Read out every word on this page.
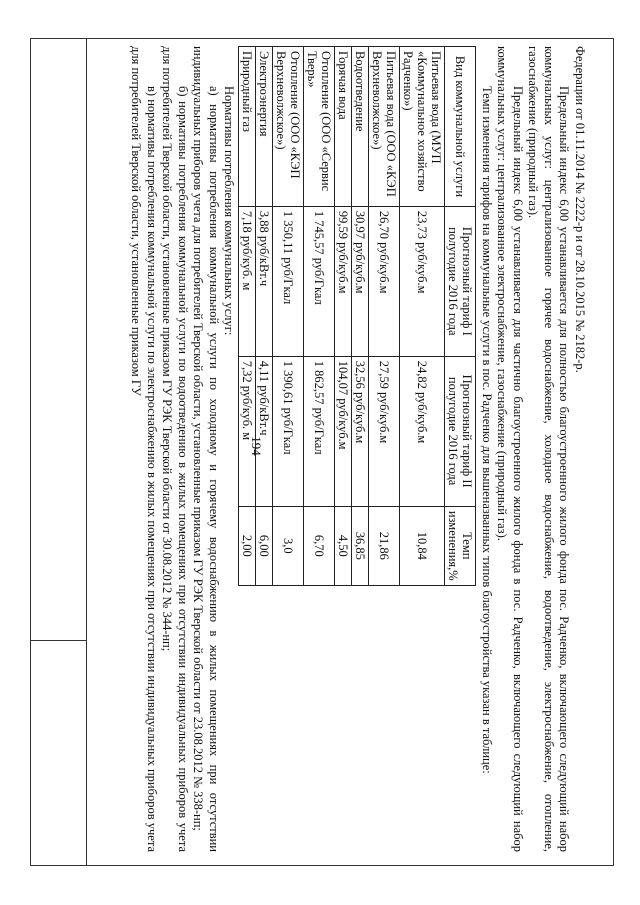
194

Федерации от 01.11.2014 № 2222-р и от 28.10.2015 № 2182-р.

Предельный индекс 6,00 устанавливается для полностью благоустроенного жилого фонда пос. Радченко, включающего следующий набор коммунальных услуг: централизованное горячее водоснабжение, холодное водоснабжение, водоотведение, электроснабжение, отопление, газоснабжение (природный газ).

Предельный индекс 6,00 устанавливается для частично благоустроенного жилого фонда в пос. Радченко, включающего следующий набор коммунальных услуг: централизованное электроснабжение, газоснабжение (природный газ).

Темп изменения тарифов на коммунальные услуги в пос. Радченко для вышеназванных типов благоустройства указан в таблице:

Вид коммунальной услуги	Прогнозный тариф I полугодие 2016 года	Прогнозный тариф II полугодие 2016 года	Темп изменения,%
Питьевая вода (МУП «Коммунальное хозяйство Радченко»)	23,73 руб/куб.м	24,82 руб/куб.м	10,84
Питьевая вода (ООО «КЭП Верхневолжское»)	26,70 руб/куб.м	27,59 руб/куб.м	21,86
Водоотведение	30,97 руб/куб.м	32,56 руб/куб.м	36,85
Горячая вода	99,59 руб/куб.м	104,07 руб/куб.м	4,50
Отопление (ООО «Сервис Тверь»	1 745,57 руб/Гкал	1 862,57 руб/Гкал	6,70
Отопление (ООО «КЭП Верхневолжское»)	1 350,11 руб/Гкал	1 390,61 руб/Гкал	3,0
Электроэнергия	3,88 руб/кВт.ч	4,11 руб/кВт.ч	6,00
Природный газ	7,18 руб/куб. м	7,32 руб/куб. м	2,00

Нормативы потребления коммунальных услуг:

а) нормативы потребления коммунальной услуги по холодному и горячему водоснабжению в жилых помещениях при отсутствии индивидуальных приборов учета для потребителей Тверской области, установленные приказом ГУ РЭК Тверской области от 23.08.2012 № 338-нп;

б) нормативы потребления коммунальной услуги по водоотведению в жилых помещениях при отсутствии индивидуальных приборов учета для потребителей Тверской области, установленные приказом ГУ РЭК Тверской области от 30.08.2012 № 344-нп;

в) нормативы потребления коммунальной услуги по электроснабжению в жилых помещениях при отсутствии индивидуальных приборов учета для потребителей Тверской области, установленные приказом ГУ
